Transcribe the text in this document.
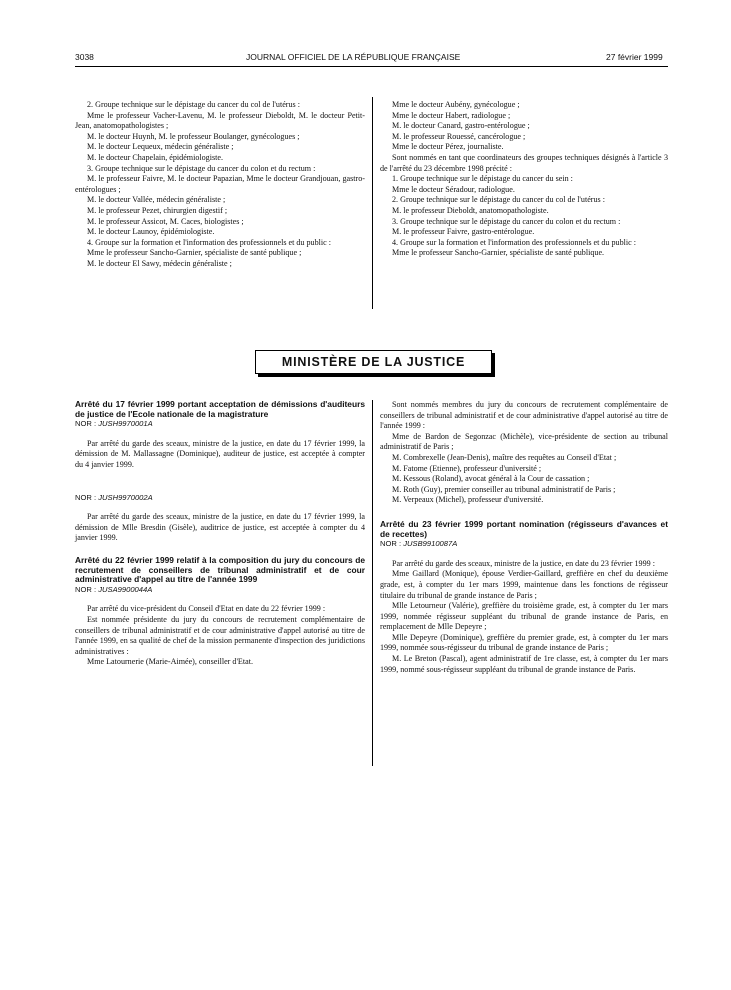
3038	JOURNAL OFFICIEL DE LA RÉPUBLIQUE FRANÇAISE	27 février 1999

2. Groupe technique sur le dépistage du cancer du col de l'utérus :

Mme le professeur Vacher-Lavenu, M. le professeur Dieboldt, M. le docteur Petit-Jean, anatomopathologistes ;

M. le docteur Huynh, M. le professeur Boulanger, gynécologues ;

M. le docteur Lequeux, médecin généraliste ;

M. le docteur Chapelain, épidémiologiste.

3. Groupe technique sur le dépistage du cancer du colon et du rectum :

M. le professeur Faivre, M. le docteur Papazian, Mme le docteur Grandjouan, gastro-entérologues ;

M. le docteur Vallée, médecin généraliste ;

M. le professeur Pezet, chirurgien digestif ;

M. le professeur Assicot, M. Caces, biologistes ;

M. le docteur Launoy, épidémiologiste.

4. Groupe sur la formation et l'information des professionnels et du public :

Mme le professeur Sancho-Garnier, spécialiste de santé publique ;

M. le docteur El Sawy, médecin généraliste ;

Mme le docteur Aubény, gynécologue ;

Mme le docteur Habert, radiologue ;

M. le docteur Canard, gastro-entérologue ;

M. le professeur Rouessé, cancérologue ;

Mme le docteur Pérez, journaliste.

Sont nommés en tant que coordinateurs des groupes techniques désignés à l'article 3 de l'arrêté du 23 décembre 1998 précité :

1. Groupe technique sur le dépistage du cancer du sein :

Mme le docteur Séradour, radiologue.

2. Groupe technique sur le dépistage du cancer du col de l'utérus :

M. le professeur Dieboldt, anatomopathologiste.

3. Groupe technique sur le dépistage du cancer du colon et du rectum :

M. le professeur Faivre, gastro-entérologue.

4. Groupe sur la formation et l'information des professionnels et du public :

Mme le professeur Sancho-Garnier, spécialiste de santé publique.

MINISTÈRE DE LA JUSTICE

Arrêté du 17 février 1999 portant acceptation de démissions d'auditeurs de justice de l'Ecole nationale de la magistrature

NOR : JUSH9970001A

Par arrêté du garde des sceaux, ministre de la justice, en date du 17 février 1999, la démission de M. Mallassagne (Dominique), auditeur de justice, est acceptée à compter du 4 janvier 1999.

NOR : JUSH9970002A

Par arrêté du garde des sceaux, ministre de la justice, en date du 17 février 1999, la démission de Mlle Bresdin (Gisèle), auditrice de justice, est acceptée à compter du 4 janvier 1999.

Arrêté du 22 février 1999 relatif à la composition du jury du concours de recrutement de conseillers de tribunal administratif et de cour administrative d'appel au titre de l'année 1999

NOR : JUSA9900044A

Par arrêté du vice-président du Conseil d'Etat en date du 22 février 1999 :

Est nommée présidente du jury du concours de recrutement complémentaire de conseillers de tribunal administratif et de cour administrative d'appel autorisé au titre de l'année 1999, en sa qualité de chef de la mission permanente d'inspection des juridictions administratives :

Mme Latournerie (Marie-Aimée), conseiller d'Etat.

Sont nommés membres du jury du concours de recrutement complémentaire de conseillers de tribunal administratif et de cour administrative d'appel autorisé au titre de l'année 1999 :

Mme de Bardon de Segonzac (Michèle), vice-présidente de section au tribunal administratif de Paris ;

M. Combrexelle (Jean-Denis), maître des requêtes au Conseil d'Etat ;

M. Fatome (Etienne), professeur d'université ;

M. Kessous (Roland), avocat général à la Cour de cassation ;

M. Roth (Guy), premier conseiller au tribunal administratif de Paris ;

M. Verpeaux (Michel), professeur d'université.

Arrêté du 23 février 1999 portant nomination (régisseurs d'avances et de recettes)

NOR : JUSB9910087A

Par arrêté du garde des sceaux, ministre de la justice, en date du 23 février 1999 :

Mme Gaillard (Monique), épouse Verdier-Gaillard, greffière en chef du deuxième grade, est, à compter du 1er mars 1999, maintenue dans les fonctions de régisseur titulaire du tribunal de grande instance de Paris ;

Mlle Letourneur (Valérie), greffière du troisième grade, est, à compter du 1er mars 1999, nommée régisseur suppléant du tribunal de grande instance de Paris, en remplacement de Mlle Depeyre ;

Mlle Depeyre (Dominique), greffière du premier grade, est, à compter du 1er mars 1999, nommée sous-régisseur du tribunal de grande instance de Paris ;

M. Le Breton (Pascal), agent administratif de 1re classe, est, à compter du 1er mars 1999, nommé sous-régisseur suppléant du tribunal de grande instance de Paris.
